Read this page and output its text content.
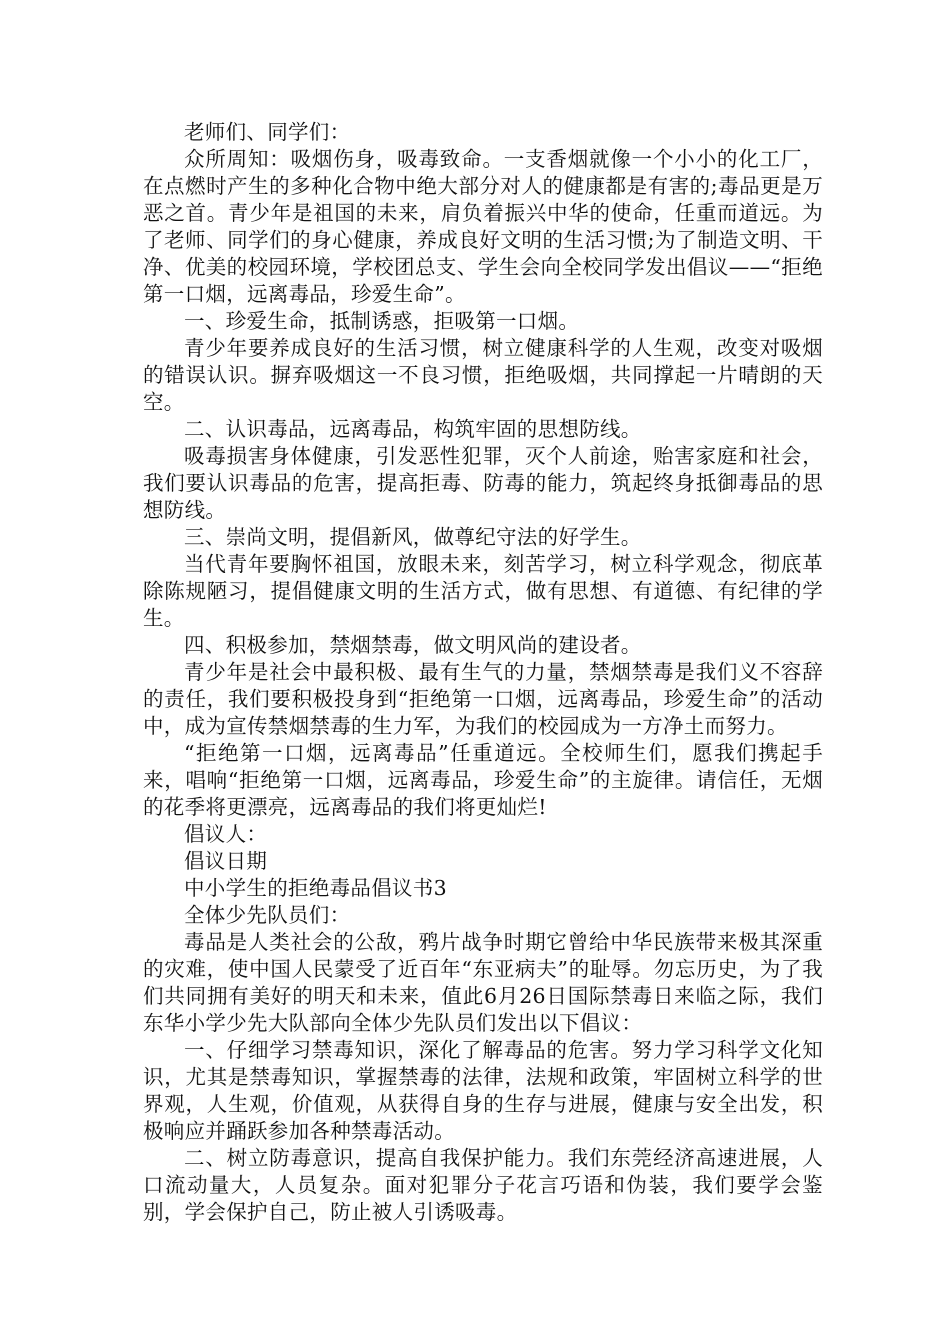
老师们、同学们：

众所周知：吸烟伤身，吸毒致命。一支香烟就像一个小小的化工厂，在点燃时产生的多种化合物中绝大部分对人的健康都是有害的;毒品更是万恶之首。青少年是祖国的未来，肩负着振兴中华的使命，任重而道远。为了老师、同学们的身心健康，养成良好文明的生活习惯;为了制造文明、干净、优美的校园环境，学校团总支、学生会向全校同学发出倡议——“拒绝第一口烟，远离毒品，珍爱生命”。

一、珍爱生命，抵制诱惑，拒吸第一口烟。

青少年要养成良好的生活习惯，树立健康科学的人生观，改变对吸烟的错误认识。摒弃吸烟这一不良习惯，拒绝吸烟，共同撑起一片晴朗的天空。

二、认识毒品，远离毒品，构筑牢固的思想防线。

吸毒损害身体健康，引发恶性犯罪，灭个人前途，贻害家庭和社会，我们要认识毒品的危害，提高拒毒、防毒的能力，筑起终身抵御毒品的思想防线。

三、崇尚文明，提倡新风，做尊纪守法的好学生。

当代青年要胸怀祖国，放眼未来，刻苦学习，树立科学观念，彻底革除陈规陋习，提倡健康文明的生活方式，做有思想、有道德、有纪律的学生。

四、积极参加，禁烟禁毒，做文明风尚的建设者。

青少年是社会中最积极、最有生气的力量，禁烟禁毒是我们义不容辞的责任，我们要积极投身到“拒绝第一口烟，远离毒品，珍爱生命”的活动中，成为宣传禁烟禁毒的生力军，为我们的校园成为一方净土而努力。

“拒绝第一口烟，远离毒品”任重道远。全校师生们，愿我们携起手来，唱响“拒绝第一口烟，远离毒品，珍爱生命”的主旋律。请信任，无烟的花季将更漂亮，远离毒品的我们将更灿烂!

倡议人：

倡议日期

中小学生的拒绝毒品倡议书3

全体少先队员们：

毒品是人类社会的公敌，鸦片战争时期它曾给中华民族带来极其深重的灾难，使中国人民蒙受了近百年“东亚病夫”的耻辱。勿忘历史，为了我们共同拥有美好的明天和未来，值此6月26日国际禁毒日来临之际，我们东华小学少先大队部向全体少先队员们发出以下倡议：

一、仔细学习禁毒知识，深化了解毒品的危害。努力学习科学文化知识，尤其是禁毒知识，掌握禁毒的法律，法规和政策，牢固树立科学的世界观，人生观，价值观，从获得自身的生存与进展，健康与安全出发，积极响应并踊跃参加各种禁毒活动。

二、树立防毒意识，提高自我保护能力。我们东莞经济高速进展，人口流动量大，人员复杂。面对犯罪分子花言巧语和伪装，我们要学会鉴别，学会保护自己，防止被人引诱吸毒。
